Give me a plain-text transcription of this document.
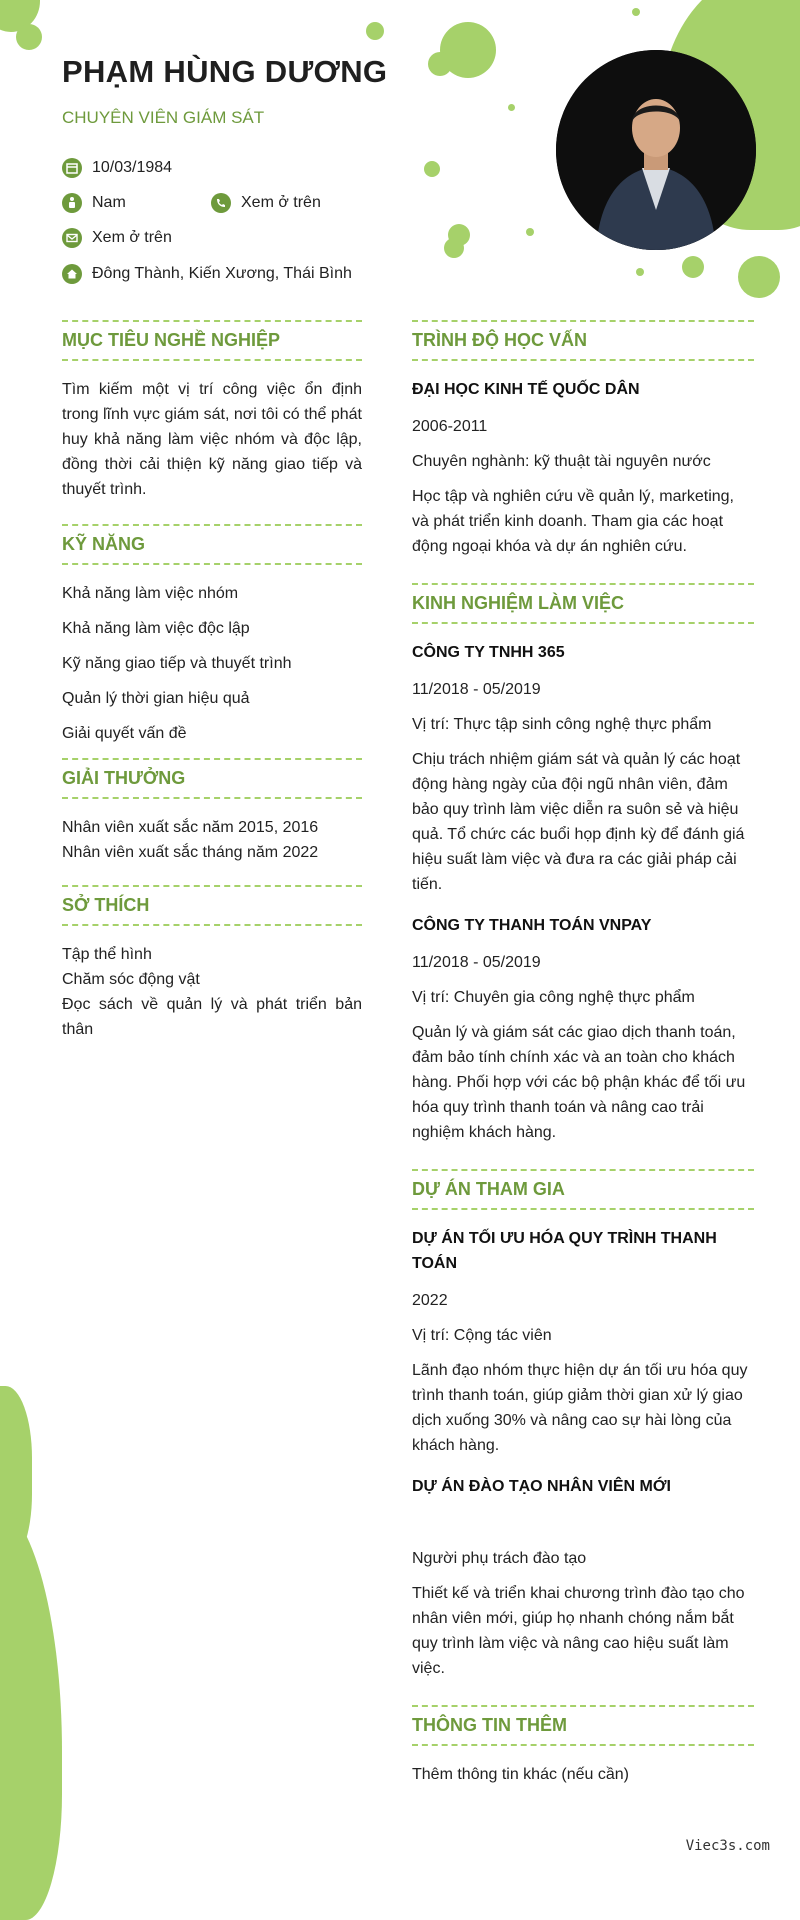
PHẠM HÙNG DƯƠNG
CHUYÊN VIÊN GIÁM SÁT
10/03/1984
Nam	Xem ở trên
Xem ở trên
Đông Thành, Kiến Xương, Thái Bình
MỤC TIÊU NGHỀ NGHIỆP
Tìm kiếm một vị trí công việc ổn định trong lĩnh vực giám sát, nơi tôi có thể phát huy khả năng làm việc nhóm và độc lập, đồng thời cải thiện kỹ năng giao tiếp và thuyết trình.
KỸ NĂNG
Khả năng làm việc nhóm
Khả năng làm việc độc lập
Kỹ năng giao tiếp và thuyết trình
Quản lý thời gian hiệu quả
Giải quyết vấn đề
GIẢI THƯỞNG
Nhân viên xuất sắc năm 2015, 2016
Nhân viên xuất sắc tháng năm 2022
SỞ THÍCH
Tập thể hình
Chăm sóc động vật
Đọc sách về quản lý và phát triển bản thân
TRÌNH ĐỘ HỌC VẤN
ĐẠI HỌC KINH TẾ QUỐC DÂN
2006-2011
Chuyên nghành: kỹ thuật tài nguyên nước
Học tập và nghiên cứu về quản lý, marketing, và phát triển kinh doanh. Tham gia các hoạt động ngoại khóa và dự án nghiên cứu.
KINH NGHIỆM LÀM VIỆC
CÔNG TY TNHH 365
11/2018 - 05/2019
Vị trí: Thực tập sinh công nghệ thực phẩm
Chịu trách nhiệm giám sát và quản lý các hoạt động hàng ngày của đội ngũ nhân viên, đảm bảo quy trình làm việc diễn ra suôn sẻ và hiệu quả. Tổ chức các buổi họp định kỳ để đánh giá hiệu suất làm việc và đưa ra các giải pháp cải tiến.
CÔNG TY THANH TOÁN VNPAY
11/2018 - 05/2019
Vị trí: Chuyên gia công nghệ thực phẩm
Quản lý và giám sát các giao dịch thanh toán, đảm bảo tính chính xác và an toàn cho khách hàng. Phối hợp với các bộ phận khác để tối ưu hóa quy trình thanh toán và nâng cao trải nghiệm khách hàng.
DỰ ÁN THAM GIA
DỰ ÁN TỐI ƯU HÓA QUY TRÌNH THANH TOÁN
2022
Vị trí: Cộng tác viên
Lãnh đạo nhóm thực hiện dự án tối ưu hóa quy trình thanh toán, giúp giảm thời gian xử lý giao dịch xuống 30% và nâng cao sự hài lòng của khách hàng.
DỰ ÁN ĐÀO TẠO NHÂN VIÊN MỚI
Người phụ trách đào tạo
Thiết kế và triển khai chương trình đào tạo cho nhân viên mới, giúp họ nhanh chóng nắm bắt quy trình làm việc và nâng cao hiệu suất làm việc.
THÔNG TIN THÊM
Thêm thông tin khác (nếu cần)
Viec3s.com
